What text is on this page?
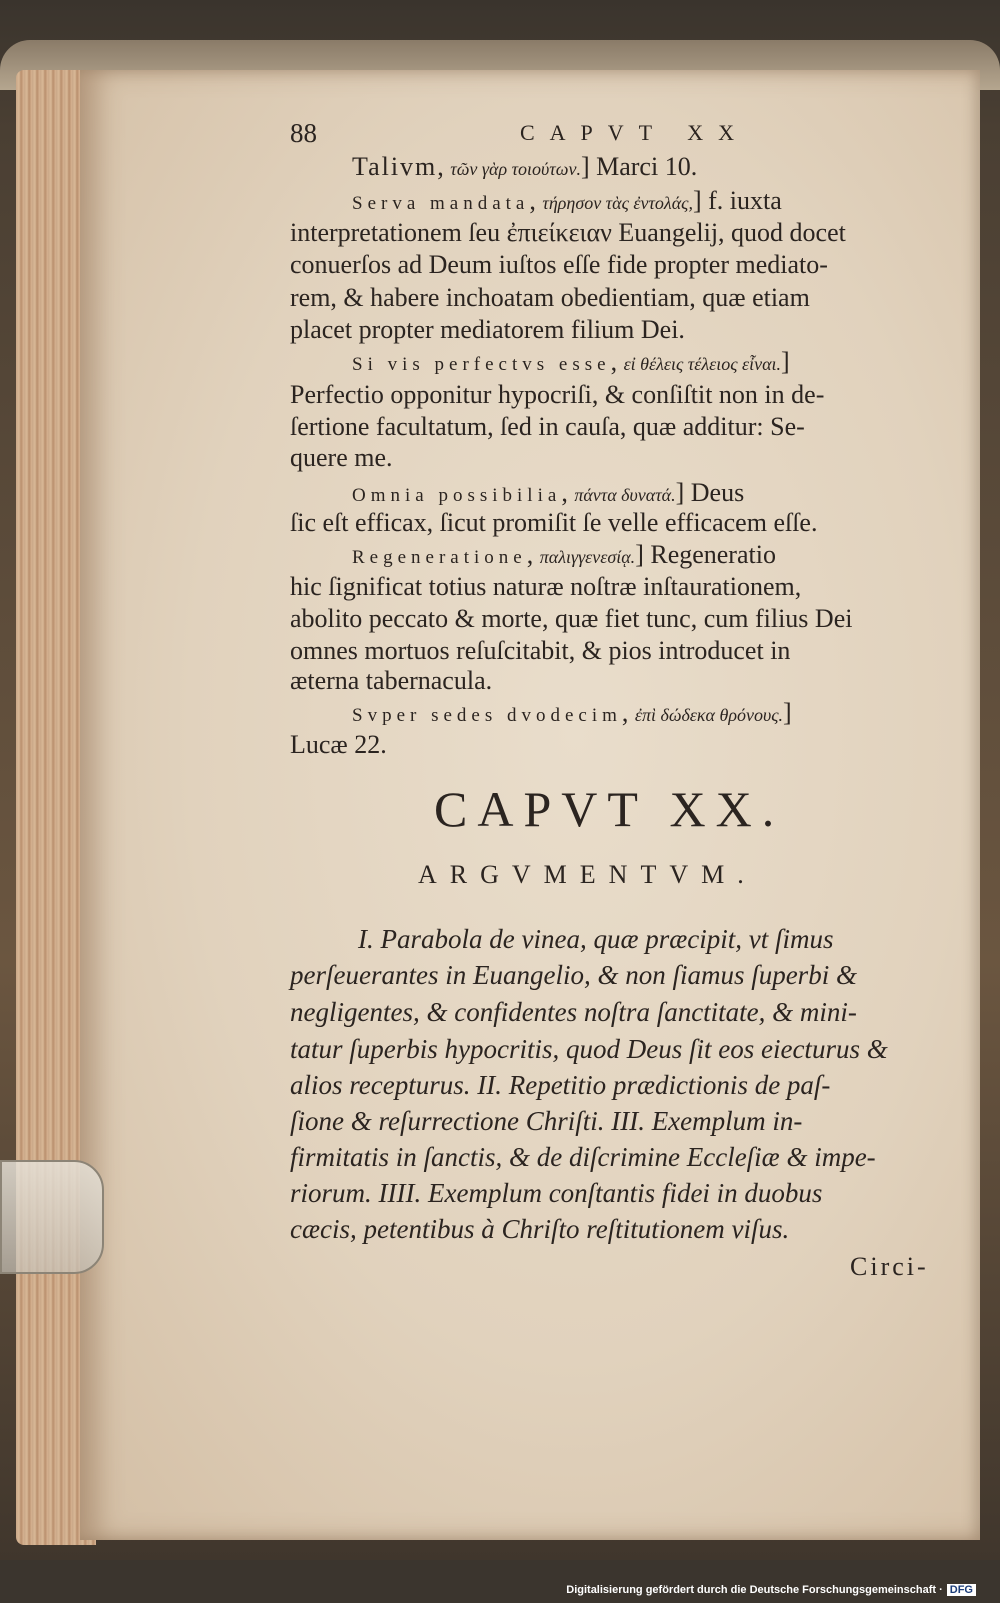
88	CAPVT XX
Talivm, τῶν γὰρ τοιούτων.] Marci 10.
Serva mandata, τήρησον τὰς ἐντολάς,] f. iuxta
interpretationem ſeu ἐπιείκειαν Euangelij, quod docet
conuerſos ad Deum iuſtos eſſe fide propter mediato-
rem, & habere inchoatam obedientiam, quæ etiam
placet propter mediatorem filium Dei.
Si vis perfectvs esse, εἰ θέλεις τέλειος εἶναι.]
Perfectio opponitur hypocriſi, & conſiſtit non in de-
ſertione facultatum, ſed in cauſa, quæ additur: Se-
quere me.
Omnia possibilia, πάντα δυνατά.] Deus
ſic eſt efficax, ſicut promiſit ſe velle efficacem eſſe.
Regeneratione, παλιγγενεσίᾳ.] Regeneratio
hic ſignificat totius naturæ noſtræ inſtaurationem,
abolito peccato & morte, quæ fiet tunc, cum filius Dei
omnes mortuos reſuſcitabit, & pios introducet in
æterna tabernacula.
Svper sedes dvodecim, ἐπὶ δώδεκα θρόνους.]
Lucæ 22.
CAPVT XX.
ARGVMENTVM.
I. Parabola de vinea, quæ præcipit, vt ſimus
perſeuerantes in Euangelio, & non ſiamus ſuperbi &
negligentes, & confidentes noſtra ſanctitate, & mini-
tatur ſuperbis hypocritis, quod Deus ſit eos eiecturus &
alios recepturus. II. Repetitio prædictionis de paſ-
ſione & reſurrectione Chriſti. III. Exemplum in-
firmitatis in ſanctis, & de diſcrimine Eccleſiæ & impe-
riorum. IIII. Exemplum conſtantis fidei in duobus
cæcis, petentibus à Chriſto reſtitutionem viſus.
Circi-
Digitalisierung gefördert durch die Deutsche Forschungsgemeinschaft · DFG
